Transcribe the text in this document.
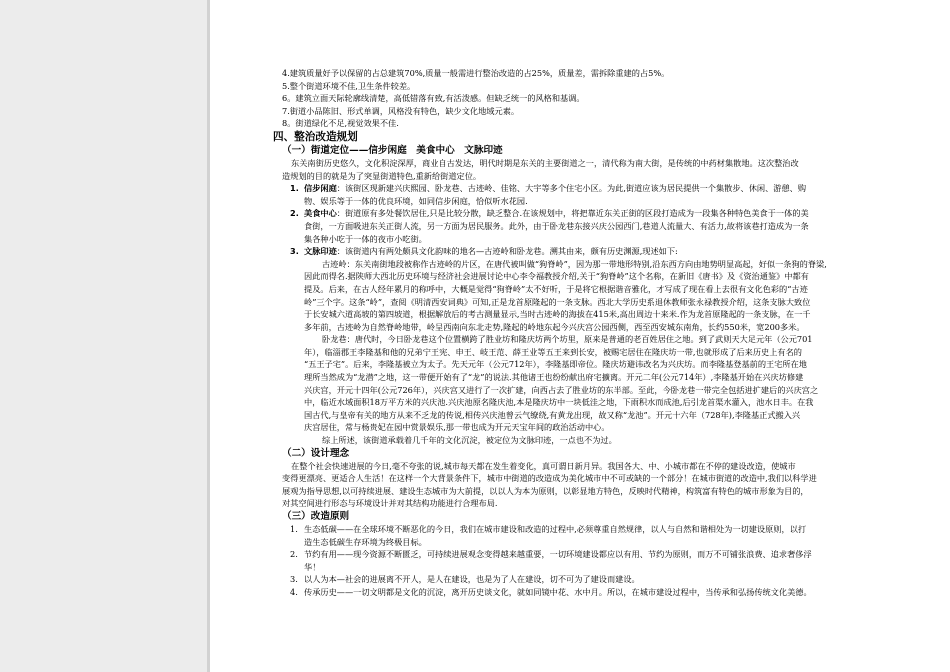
4.建筑质量好予以保留的占总建筑70%,质量一般需进行整治改造的占25%，质量差，需拆除重建的占5%。
5.整个街道环境不佳,卫生条件较差。
6。建筑立面天际轮廓线清楚，高低错落有致,有活泼感。但缺乏统一的风格和基调。
7.街道小品陈旧、形式单调，风格没有特色，缺少文化地域元素。
8。街道绿化不足,视觉效果不佳.
四、整治改造规划
（一）街道定位——信步闲庭　美食中心　文脉印迹
东关南街历史悠久，文化积淀深厚，商业自古发达，明代时期是东关的主要街道之一，清代称为南大街，是传统的中药材集散地。这次整治改
造规划的目的就是为了突显街道特色,重新给街道定位。
1. 信步闲庭：该街区现新建兴庆熙园、卧龙巷、古迹岭、佳铭、大宇等多个住宅小区。为此,街道应该为居民提供一个集散步、休闲、游憩、购
物、娱乐等于一体的优良环境，如同信步闲庭，恰似听水花园.
2. 美食中心：街道原有多处餐饮居住,只是比较分散，缺乏整合.在该规划中，将把靠近东关正街的区段打造成为一段集各种特色美食于一体的美
食街，一方面吸进东关正街人流，另一方面为居民服务。此外，由于卧龙巷东接兴庆公园西门,巷道人流量大、有活力,故将该巷打造成为一条
集各种小吃于一体的夜市小吃街。
3. 文脉印迹：该街道内有两处颇具文化韵味的地名—古迹岭和卧龙巷。溯其由来，颇有历史渊源,现述如下:
古迹岭：东关南街地段被称作古迹岭的片区，在唐代被叫做“狗脊岭”，因为那一带地形特别,沿东西方向由地势明显高起，好似一条狗的脊梁,
因此而得名.据陕师大西北历史环境与经济社会进展讨论中心李令福教授介绍,关于“狗脊岭”这个名称，在新旧《唐书》及《资治通鉴》中都有
提及。后来，在古人经年累月的称呼中，大概是觉得“狗脊岭”太不好听，于是将它根据谐音雅化，才写成了现在看上去很有文化色彩的“古迹
岭”三个字。这条“岭”，查阅《明清西安词典》可知,正是龙首原隆起的一条支脉。西北大学历史系退休教师张永禄教授介绍，这条支脉大致位
于长安城六道高坡的第四坡道，根据解放后的考古测量显示,当时古迹岭的海拔在415米,高出周边十来米.作为龙首原隆起的一条支脉，在一千
多年前，古迹岭为自然脊岭地带，岭呈西南向东北走势,隆起的岭地东起今兴庆宫公园西侧，西至西安城东南角，长约550米，宽200多米。
卧龙巷：唐代时，今日卧龙巷这个位置横跨了胜业坊和隆庆坊两个坊里，原来是普通的老百姓居住之地。到了武则天大足元年（公元701
年），临淄郡王李隆基和他的兄弟宁王宪、申王、岐王范、薛王业等五王来到长安，被赐宅居住在隆庆坊一带,也就形成了后来历史上有名的
“五王子宅”。后来，李隆基被立为太子。先天元年（公元712年），李隆基即帝位。隆庆坊避讳改名为兴庆坊。而李隆基登基前的王宅所在地
理所当然成为“龙潜”之地，这一带便开始有了“龙”的说法.其他诸王也纷纷献出府宅擴离。开元二年(公元714年）,李隆基开始在兴庆坊修建
兴庆宫，开元十四年(公元726年），兴庆宫又进行了一次扩建，向西占去了胜业坊的东半部。至此，今卧龙巷一带完全包括进扩建后的兴庆宫之
中，临近水域面积18万平方米的兴庆池.兴庆池原名隆庆池,本是隆庆坊中一块低洼之地，下雨积水而成池,后引龙首渠水灌入，池水日丰。在我
国古代,与皇帝有关的地方从来不乏龙的传说,相传兴庆池曾云气缭绕,有黄龙出现，故又称“龙池”。开元十六年（728年),李隆基正式搬入兴
庆宫居住，常与杨贵妃在园中赏景娱乐,那一带也成为开元天宝年间的政治活动中心。
综上所述，该街道承载着几千年的文化沉淀，被定位为文脉印迹，一点也不为过。
（二）设计理念
在整个社会快速进展的今日,毫不夸张的说,城市每天都在发生着变化，真可谓日新月异。我国各大、中、小城市都在不停的建设改造，使城市
变得更漂亮、更适合人生活！在这样一个大背景条件下，城市中街道的改造成为美化城市中不可或缺的一个部分！在城市街道的改造中,我们以科学进
展观为指导思想,以可持续进展、建设生态城市为大前提，以以人为本为原则，以彰显地方特色，反映时代精神，构筑富有特色的城市形象为目的，
对其空间进行形态与环境设计并对其结构功能进行合理布局.
（三）改造原则
1. 生态低碳——在全球环境不断恶化的今日，我们在城市建设和改造的过程中,必须尊重自然规律，以人与自然和谐相处为一切建设原则，以打
造生态低碳生存环境为终极目标。
2. 节约有用——现今资源不断匮乏，可持续进展观念变得越来越重要，一切环境建设都应以有用、节约为原则，而万不可铺张浪费、追求奢侈浮
华！
3. 以人为本—社会的进展离不开人，是人在建设，也是为了人在建设，切不可为了建设而建设。
4. 传承历史——一切文明都是文化的沉淀，离开历史谈文化，就如同镜中花、水中月。所以，在城市建设过程中，当传承和弘扬传统文化美德。
